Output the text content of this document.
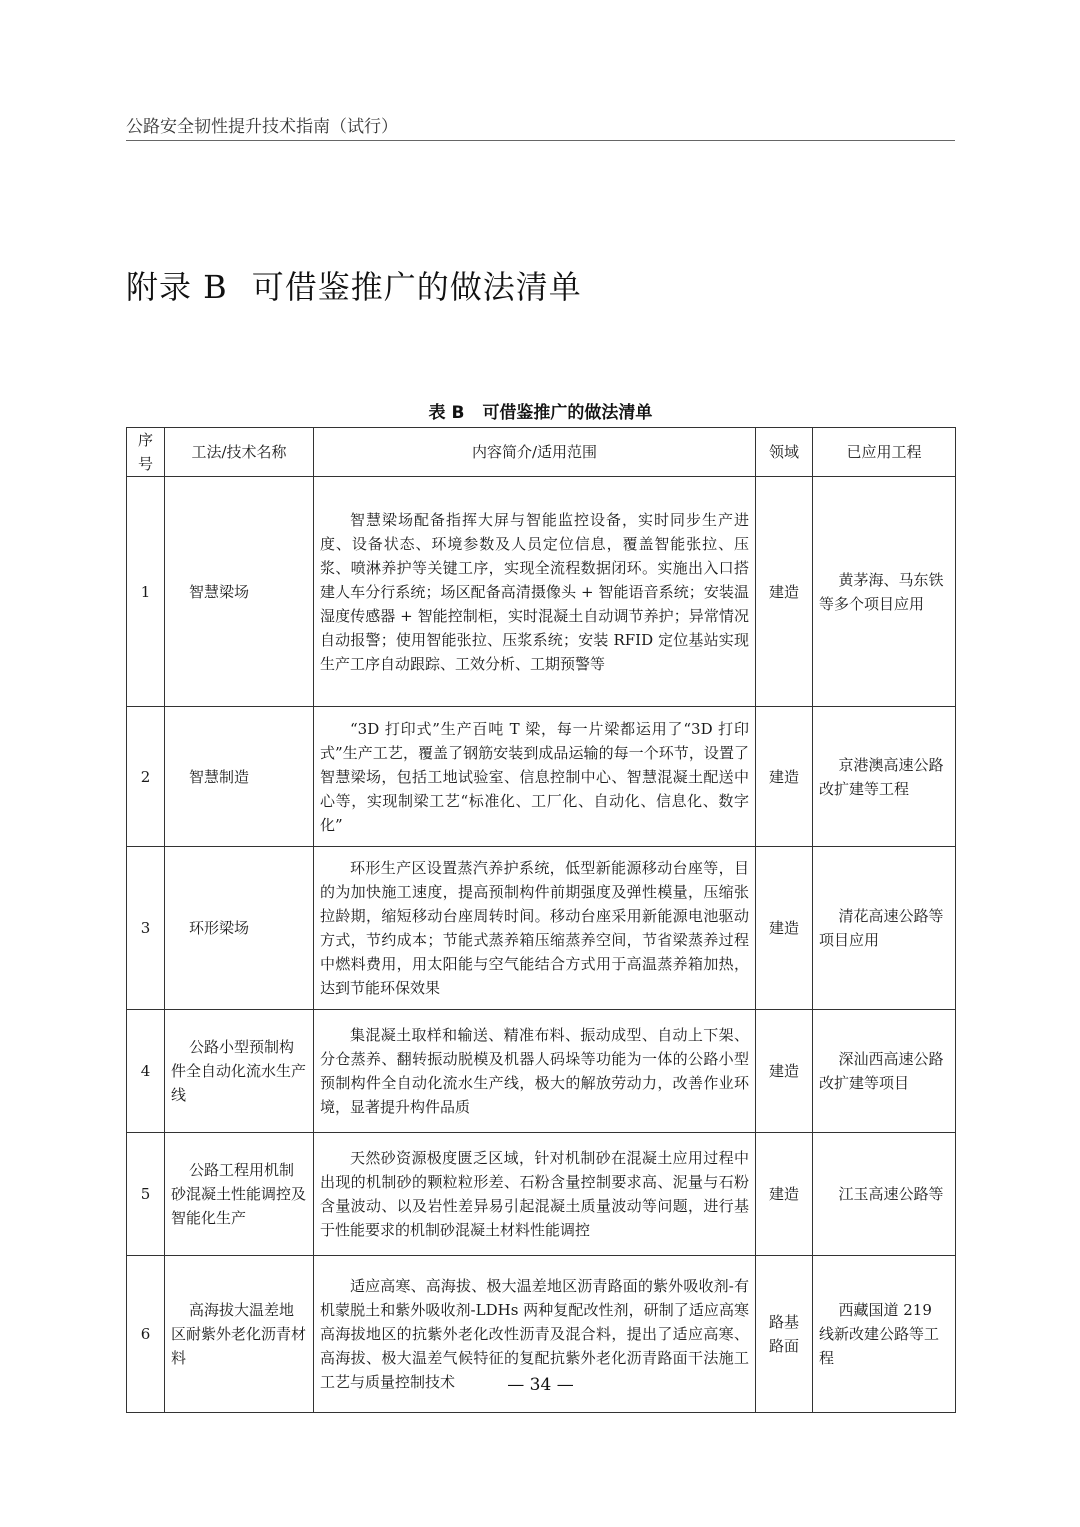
公路安全韧性提升技术指南（试行）
附录 B 可借鉴推广的做法清单
表 B 可借鉴推广的做法清单
序号	工法/技术名称	内容简介/适用范围	领域	已应用工程
1	智慧梁场	智慧梁场配备指挥大屏与智能监控设备，实时同步生产进度、设备状态、环境参数及人员定位信息，覆盖智能张拉、压浆、喷淋养护等关键工序，实现全流程数据闭环。实施出入口搭建人车分行系统；场区配备高清摄像头 + 智能语音系统；安装温湿度传感器 + 智能控制柜，实时混凝土自动调节养护；异常情况自动报警；使用智能张拉、压浆系统；安装 RFID 定位基站实现生产工序自动跟踪、工效分析、工期预警等	建造	黄茅海、马东铁等多个项目应用
2	智慧制造	“3D 打印式”生产百吨 T 梁，每一片梁都运用了“3D 打印式”生产工艺，覆盖了钢筋安装到成品运输的每一个环节，设置了智慧梁场，包括工地试验室、信息控制中心、智慧混凝土配送中心等，实现制梁工艺“标准化、工厂化、自动化、信息化、数字化”	建造	京港澳高速公路改扩建等工程
3	环形梁场	环形生产区设置蒸汽养护系统，低型新能源移动台座等，目的为加快施工速度，提高预制构件前期强度及弹性模量，压缩张拉龄期，缩短移动台座周转时间。移动台座采用新能源电池驱动方式，节约成本；节能式蒸养箱压缩蒸养空间，节省梁蒸养过程中燃料费用，用太阳能与空气能结合方式用于高温蒸养箱加热，达到节能环保效果	建造	清花高速公路等项目应用
4	公路小型预制构件全自动化流水生产线	集混凝土取样和输送、精准布料、振动成型、自动上下架、分仓蒸养、翻转振动脱模及机器人码垛等功能为一体的公路小型预制构件全自动化流水生产线，极大的解放劳动力，改善作业环境，显著提升构件品质	建造	深汕西高速公路改扩建等项目
5	公路工程用机制砂混凝土性能调控及智能化生产	天然砂资源极度匮乏区域，针对机制砂在混凝土应用过程中出现的机制砂的颗粒粒形差、石粉含量控制要求高、泥量与石粉含量波动、以及岩性差异易引起混凝土质量波动等问题，进行基于性能要求的机制砂混凝土材料性能调控	建造	江玉高速公路等
6	高海拔大温差地区耐紫外老化沥青材料	适应高寒、高海拔、极大温差地区沥青路面的紫外吸收剂-有机蒙脱土和紫外吸收剂-LDHs 两种复配改性剂，研制了适应高寒高海拔地区的抗紫外老化改性沥青及混合料，提出了适应高寒、高海拔、极大温差气候特征的复配抗紫外老化沥青路面干法施工工艺与质量控制技术	路基路面	西藏国道 219 线新改建公路等工程
— 34 —
